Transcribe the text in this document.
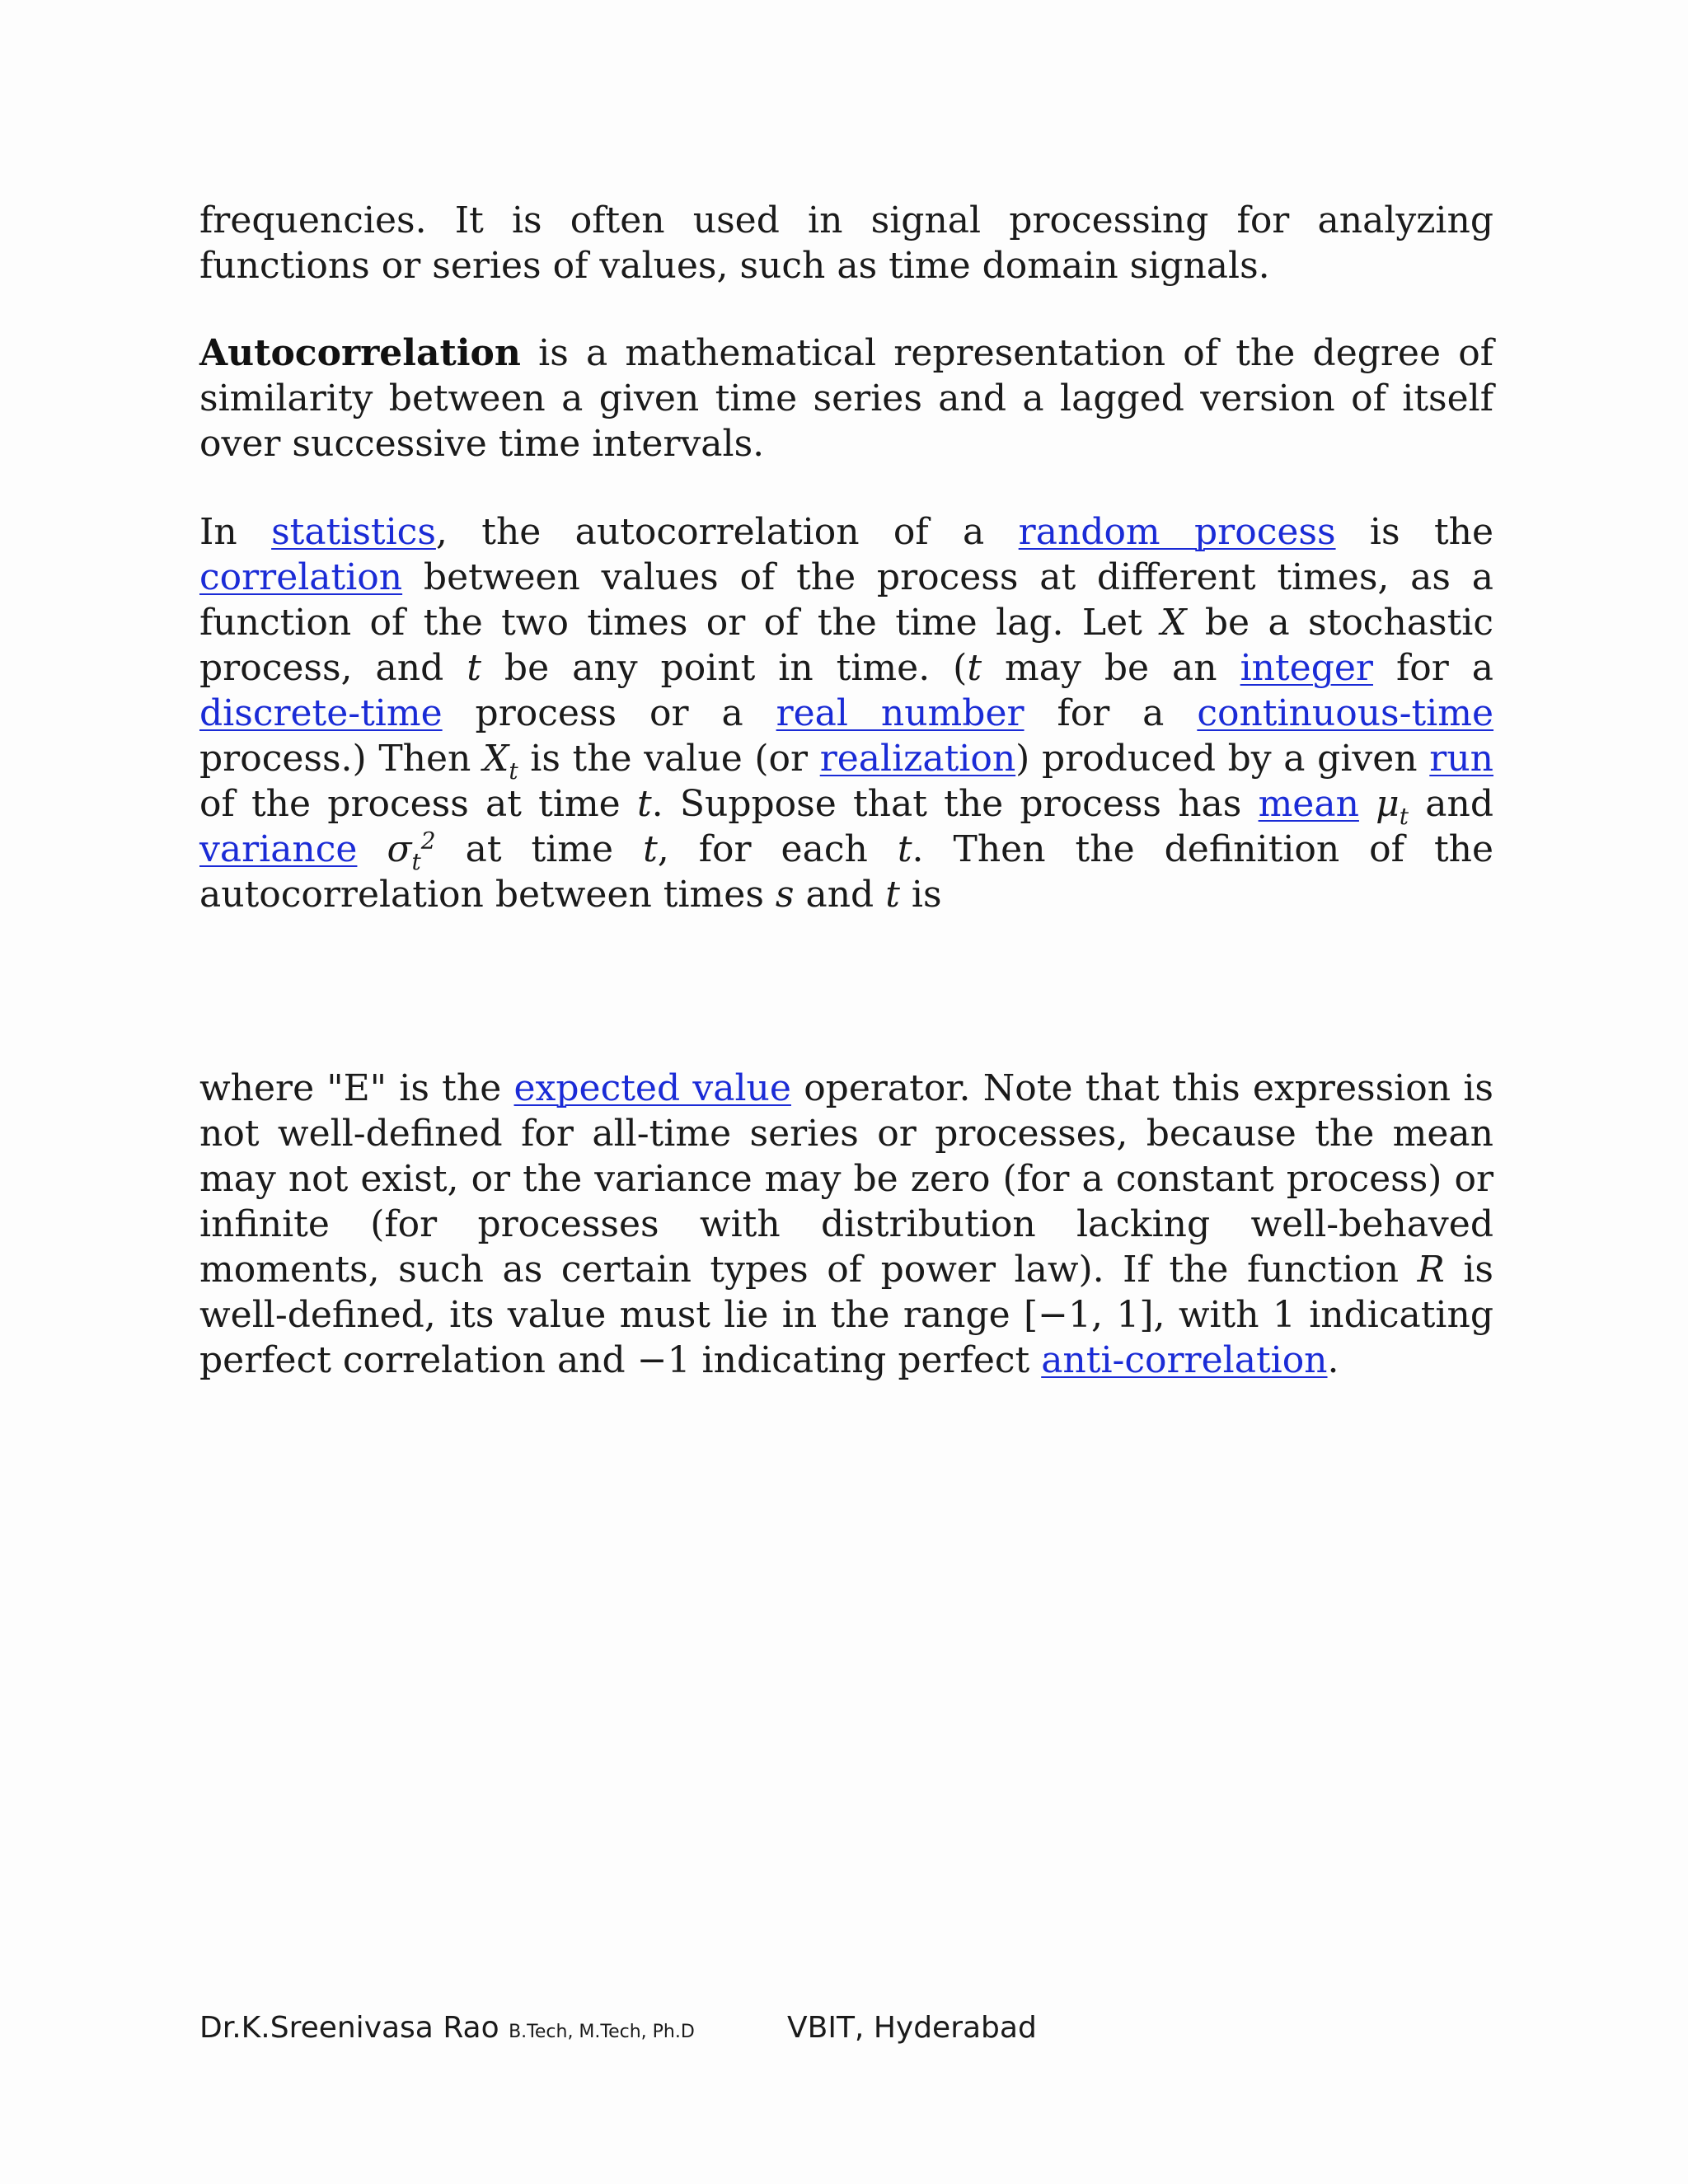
frequencies. It is often used in signal processing for analyzing functions or series of values, such as time domain signals.

Autocorrelation is a mathematical representation of the degree of similarity between a given time series and a lagged version of itself over successive time intervals.

In statistics, the autocorrelation of a random process is the correlation between values of the process at different times, as a function of the two times or of the time lag. Let X be a stochastic process, and t be any point in time. (t may be an integer for a discrete-time process or a real number for a continuous-time process.) Then $X_t$ is the value (or realization) produced by a given run of the process at time t. Suppose that the process has mean $\mu_t$ and variance $\sigma_t^2$ at time t, for each t. Then the definition of the autocorrelation between times s and t is

where "E" is the expected value operator. Note that this expression is not well-defined for all-time series or processes, because the mean may not exist, or the variance may be zero (for a constant process) or infinite (for processes with distribution lacking well-behaved moments, such as certain types of power law). If the function R is well-defined, its value must lie in the range [−1, 1], with 1 indicating perfect correlation and −1 indicating perfect anti-correlation.

Dr.K.Sreenivasa Rao B.Tech, M.Tech, Ph.D	VBIT, Hyderabad
